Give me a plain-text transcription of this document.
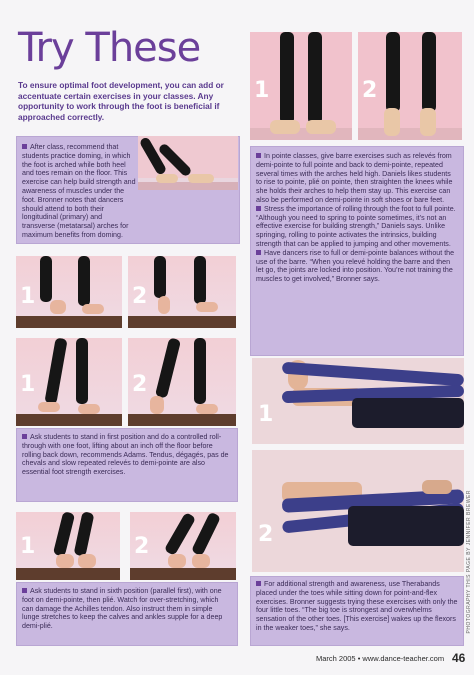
Try These
To ensure optimal foot development, you can add or accentuate certain exercises in your classes. Any opportunity to work through the foot is beneficial if approached correctly.
1	2
After class, recommend that students practice doming, in which the foot is arched while both heel and toes remain on the floor. This exercise can help build strength and awareness of muscles under the foot. Bronner notes that dancers should attend to both their longitudinal (primary) and transverse (metatarsal) arches for maximum benefits from doming.
In pointe classes, give barre exercises such as relevés from demi-pointe to full pointe and back to demi-pointe, repeated several times with the arches held high. Daniels likes students to rise to pointe, plié on pointe, then straighten the knees while she holds their arches to help them stay up. This exercise can also be performed on demi-pointe in soft shoes or bare feet.
Stress the importance of rolling through the foot to full pointe. “Although you need to spring to pointe sometimes, it’s not an effective exercise for building strength,” Daniels says. Unlike springing, rolling to pointe activates the intrinsics, building strength that can be applied to jumping and other movements.
Have dancers rise to full or demi-pointe balances without the use of the barre. “When you relevé holding the barre and then let go, the joints are locked into position. You’re not training the muscles to get involved,” Bronner says.
1	2
1	2
Ask students to stand in first position and do a controlled roll-through with one foot, lifting about an inch off the floor before rolling back down, recommends Adams. Tendus, dégagés, pas de chevals and slow repeated relevés to demi-pointe are also essential foot strength exercises.
1	2
Ask students to stand in sixth position (parallel first), with one foot on demi-pointe, then plié. Watch for over-stretching, which can damage the Achilles tendon. Also instruct them in simple lunge stretches to keep the calves and ankles supple for a deep demi-plié.
1
2
For additional strength and awareness, use Therabands placed under the toes while sitting down for point-and-flex exercises. Bronner suggests trying these exercises with only the four little toes. “The big toe is strongest and overwhelms sensation of the other toes. [This exercise] wakes up the flexors in the weaker toes,” she says.	PHOTOGRAPHY THIS PAGE BY JENNIFER BREWER
March 2005 • www.dance-teacher.com 46
